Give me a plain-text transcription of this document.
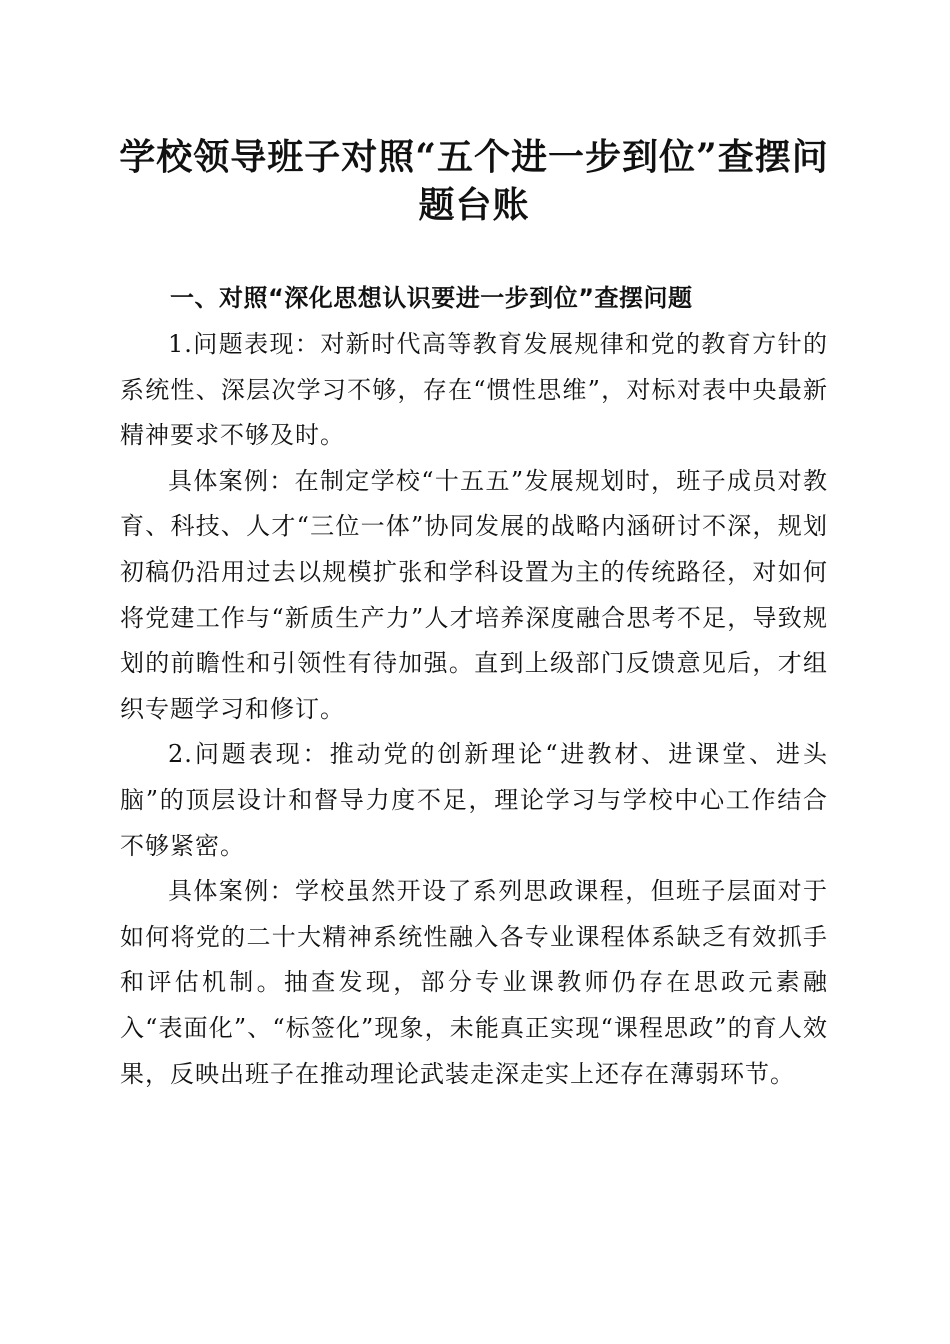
学校领导班子对照“五个进一步到位”查摆问题台账
一、对照“深化思想认识要进一步到位”查摆问题

1.问题表现：对新时代高等教育发展规律和党的教育方针的系统性、深层次学习不够，存在“惯性思维”，对标对表中央最新精神要求不够及时。

具体案例：在制定学校“十五五”发展规划时，班子成员对教育、科技、人才“三位一体”协同发展的战略内涵研讨不深，规划初稿仍沿用过去以规模扩张和学科设置为主的传统路径，对如何将党建工作与“新质生产力”人才培养深度融合思考不足，导致规划的前瞻性和引领性有待加强。直到上级部门反馈意见后，才组织专题学习和修订。

2.问题表现：推动党的创新理论“进教材、进课堂、进头脑”的顶层设计和督导力度不足，理论学习与学校中心工作结合不够紧密。

具体案例：学校虽然开设了系列思政课程，但班子层面对于如何将党的二十大精神系统性融入各专业课程体系缺乏有效抓手和评估机制。抽查发现，部分专业课教师仍存在思政元素融入“表面化”、“标签化”现象，未能真正实现“课程思政”的育人效果，反映出班子在推动理论武装走深走实上还存在薄弱环节。
